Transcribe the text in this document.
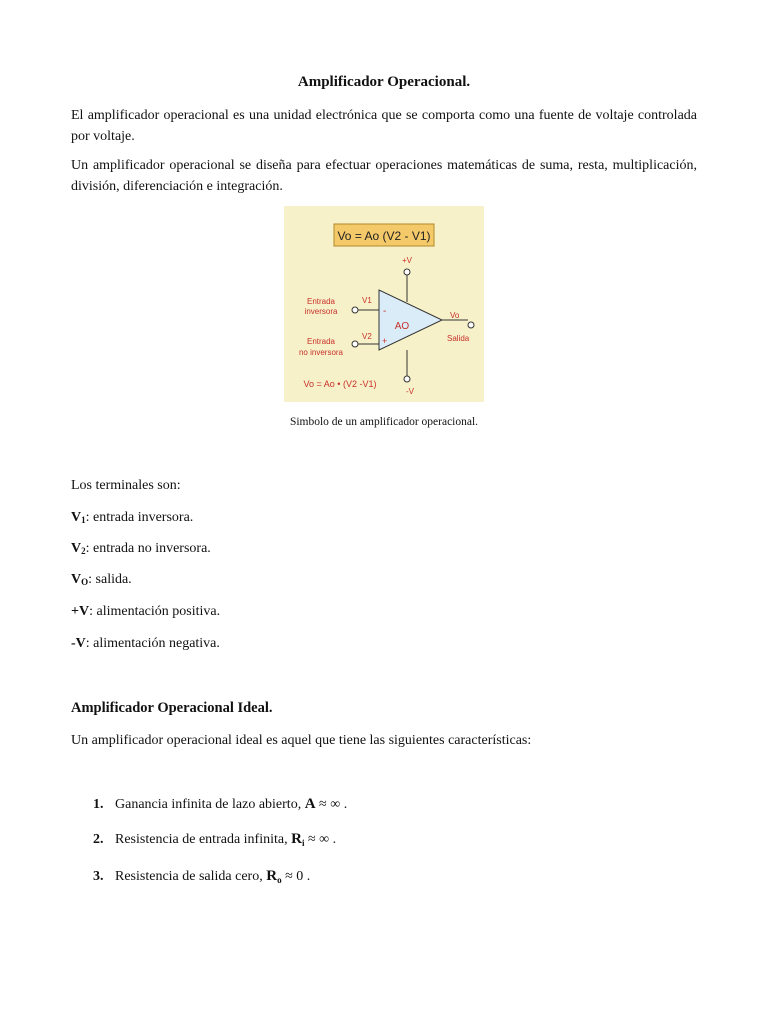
Amplificador Operacional.
El amplificador operacional es una unidad electrónica que se comporta como una fuente de voltaje controlada por voltaje.
Un amplificador operacional se diseña para efectuar operaciones matemáticas de suma, resta, multiplicación, división, diferenciación e integración.
Vo = Ao (V2 - V1)
+V
-V
AO
-
+
V1
Entrada
inversora
V2
Entrada
no inversora
Vo
Salida
Vo = Ao • (V2 -V1)
Simbolo de un amplificador operacional.
Los terminales son:
$V_1$: entrada inversora.
$V_2$: entrada no inversora.
$V_O$: salida.
+V: alimentación positiva.
-V: alimentación negativa.
Amplificador Operacional Ideal.
Un amplificador operacional ideal es aquel que tiene las siguientes características:
1. Ganancia infinita de lazo abierto, A ≈ ∞ .
2. Resistencia de entrada infinita, $R_i$ ≈ ∞ .
3. Resistencia de salida cero, $R_o \approx 0$ .
